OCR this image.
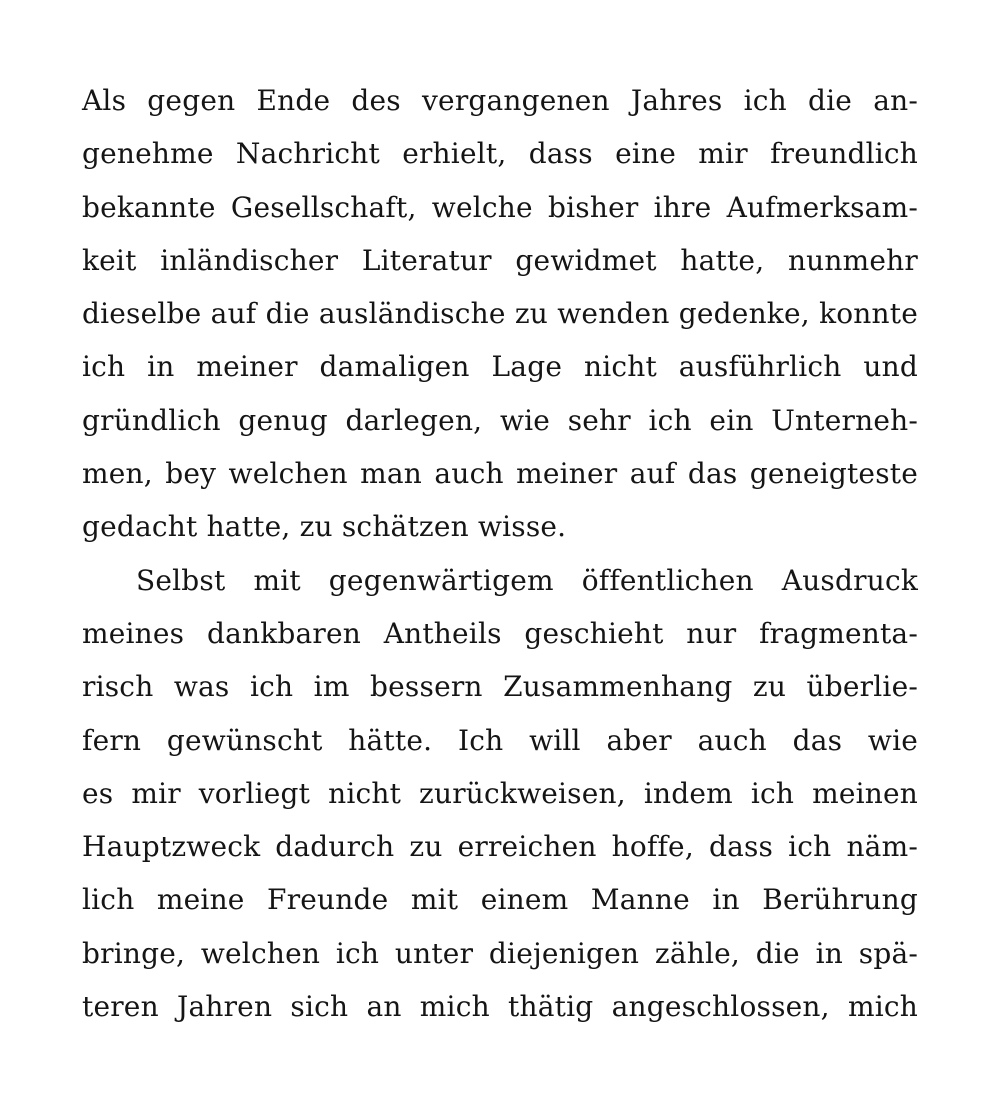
Als gegen Ende des vergangenen Jahres ich die an-
genehme Nachricht erhielt, dass eine mir freundlich
bekannte Gesellschaft, welche bisher ihre Aufmerksam-
keit inländischer Literatur gewidmet hatte, nunmehr
dieselbe auf die ausländische zu wenden gedenke, konnte
ich in meiner damaligen Lage nicht ausführlich und
gründlich genug darlegen, wie sehr ich ein Unterneh-
men, bey welchen man auch meiner auf das geneigteste
gedacht hatte, zu schätzen wisse.
Selbst mit gegenwärtigem öffentlichen Ausdruck
meines dankbaren Antheils geschieht nur fragmenta-
risch was ich im bessern Zusammenhang zu überlie-
fern gewünscht hätte. Ich will aber auch das wie
es mir vorliegt nicht zurückweisen, indem ich meinen
Hauptzweck dadurch zu erreichen hoffe, dass ich näm-
lich meine Freunde mit einem Manne in Berührung
bringe, welchen ich unter diejenigen zähle, die in spä-
teren Jahren sich an mich thätig angeschlossen, mich
